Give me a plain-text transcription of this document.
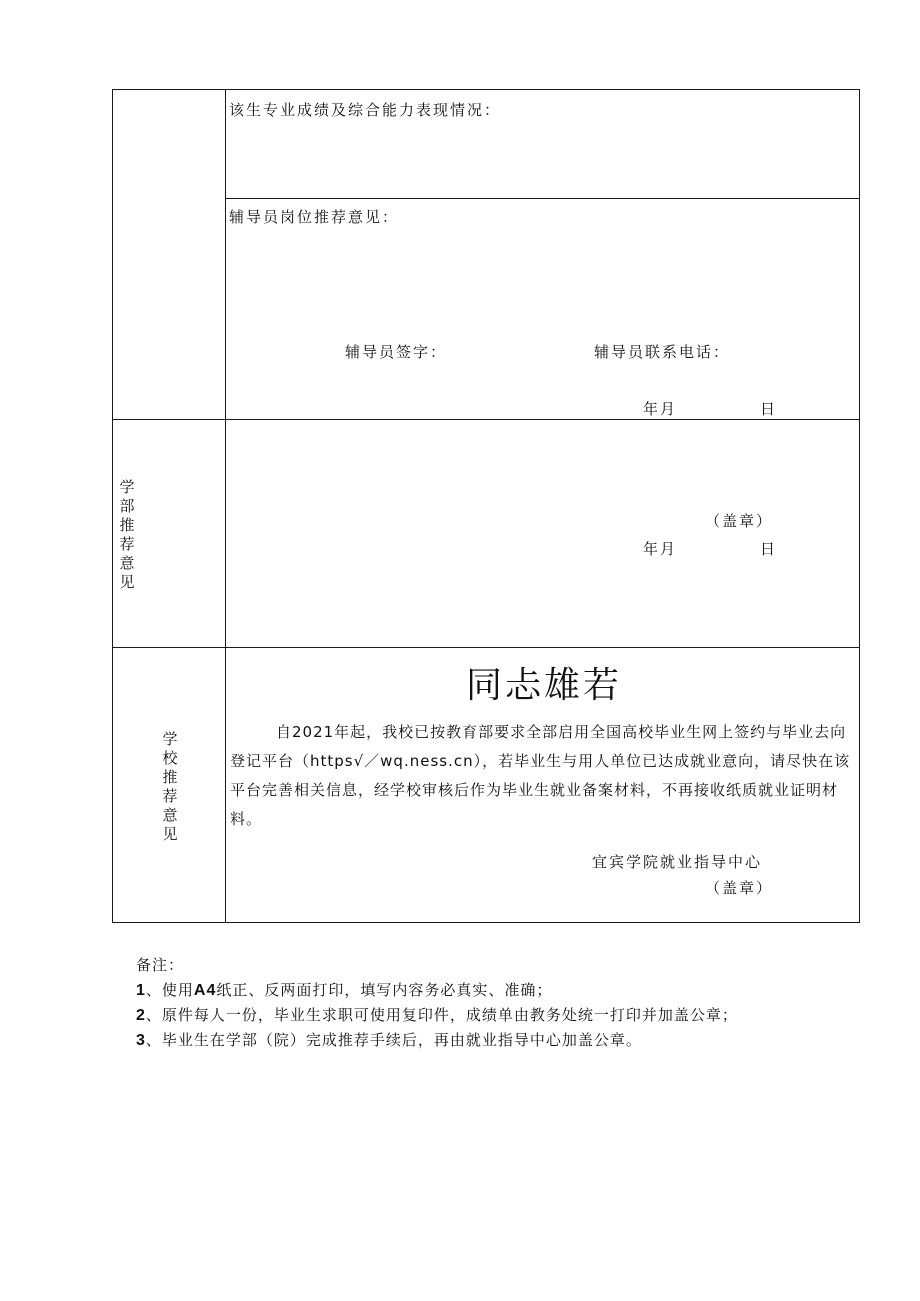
该生专业成绩及综合能力表现情况：
辅导员岗位推荐意见：
辅导员签字：	辅导员联系电话：
年月	日
学
部
推
荐
意
见
（盖章）
年月	日
学
校
推
荐
意
见
同忐雄若
自2021年起，我校已按教育部要求全部启用全国高校毕业生网上签约与毕业去向登记平台（https√／wq.ness.cn），若毕业生与用人单位已达成就业意向，请尽快在该平台完善相关信息，经学校审核后作为毕业生就业备案材料，不再接收纸质就业证明材料。
宜宾学院就业指导中心
（盖章）
备注：
1、使用A4纸正、反两面打印，填写内容务必真实、准确；
2、原件每人一份，毕业生求职可使用复印件，成绩单由教务处统一打印并加盖公章；
3、毕业生在学部（院）完成推荐手续后，再由就业指导中心加盖公章。
